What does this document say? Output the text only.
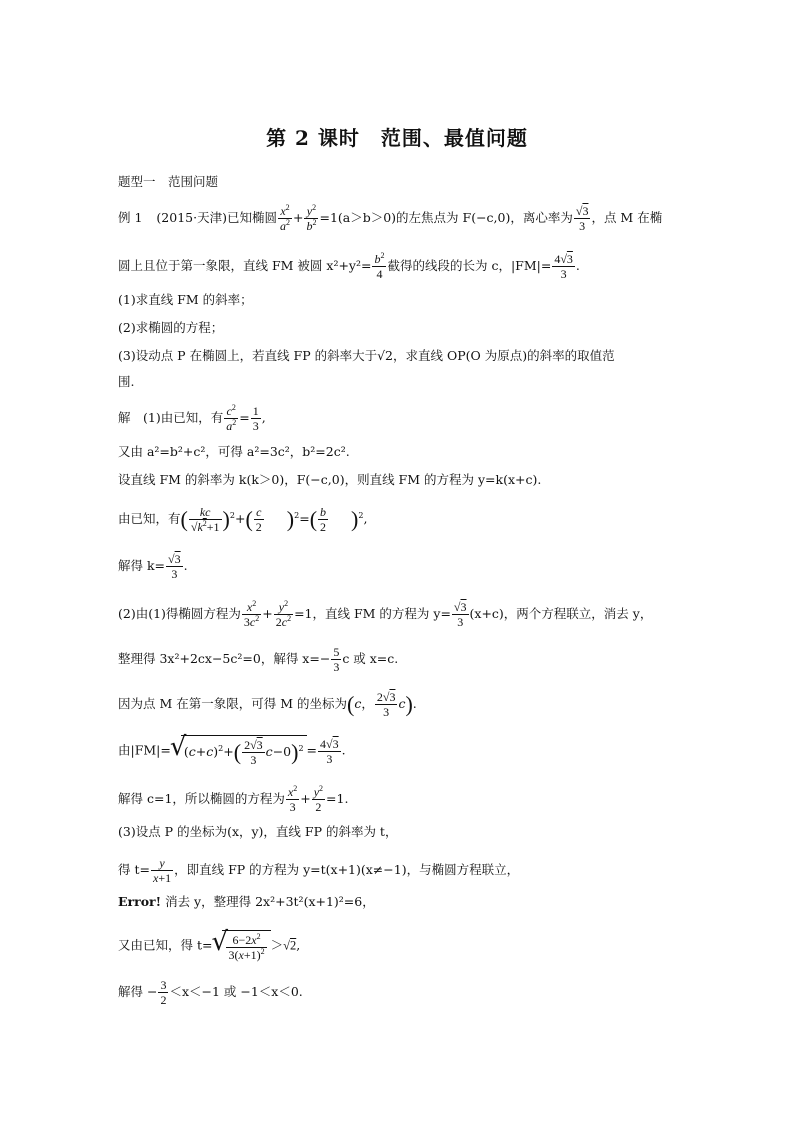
第 2 课时　范围、最值问题
题型一　范围问题
例 1 (2015·天津)已知椭圆 $\frac{x^2}{a^2} + \frac{y^2}{b^2} =1(a>b>0)$的左焦点为 F(−c,0)，离心率为 $\frac{√3}{3}$ ，点 M 在椭
圆上且位于第一象限，直线 FM 被圆 $x^2+y^2= \frac{b^2}{4}$ 截得的线段的长为 c，$|FM|= \frac{4√3}{3}$ .
(1)求直线 FM 的斜率；
(2)求椭圆的方程；
(3)设动点 P 在椭圆上，若直线 FP 的斜率大于√2，求直线 OP(O 为原点)的斜率的取值范
围.
解　(1)由已知，有 $\frac{c^2}{a^2} = \frac{1}{3}$ ,
又由 a²=b²+c²，可得 a²=3c²，b²=2c².
设直线 FM 的斜率为 k(k＞0)，F(−c,0)，则直线 FM 的方程为 y=k(x+c).
由已知，有( $\frac{kc}{√k^2+1} )^2+( \frac{c}{2} )^2=( \frac{b}{2} )^2$,
解得 $k= \frac{√3}{3}$ .
(2)由(1)得椭圆方程为 $\frac{x^2}{3c^2} + \frac{y^2}{2c^2} =1$，直线 FM 的方程为 $y= \frac{√3}{3} (x+c)$，两个方程联立，消去 y，
整理得 3x²+2cx−5c²=0，解得 $x=- \frac{5}{3}$ c 或 x=c.
因为点 M 在第一象限，可得 M 的坐标为(c， $\frac{2√3}{3} c$).
由|FM|= √ $(c+c)^2+( \frac{2√3}{3} c-0)^2 = \frac{4√3}{3}$ .
解得 c=1，所以椭圆的方程为 $\frac{x^2}{3} + \frac{y^2}{2} =1$.
(3)设点 P 的坐标为(x，y)，直线 FP 的斜率为 t，
得 $t= \frac{y}{x+1}$ ，即直线 FP 的方程为 y=t(x+1)(x≠−1)，与椭圆方程联立，
Error! 消去 y，整理得 2x²+3t²(x+1)²=6，
又由已知，得 t= √ $\frac{6-2x^2}{3(x+1)^2} >√2$,
解得 − $\frac{3}{2} <x<-1$ 或 −1＜x＜0.
